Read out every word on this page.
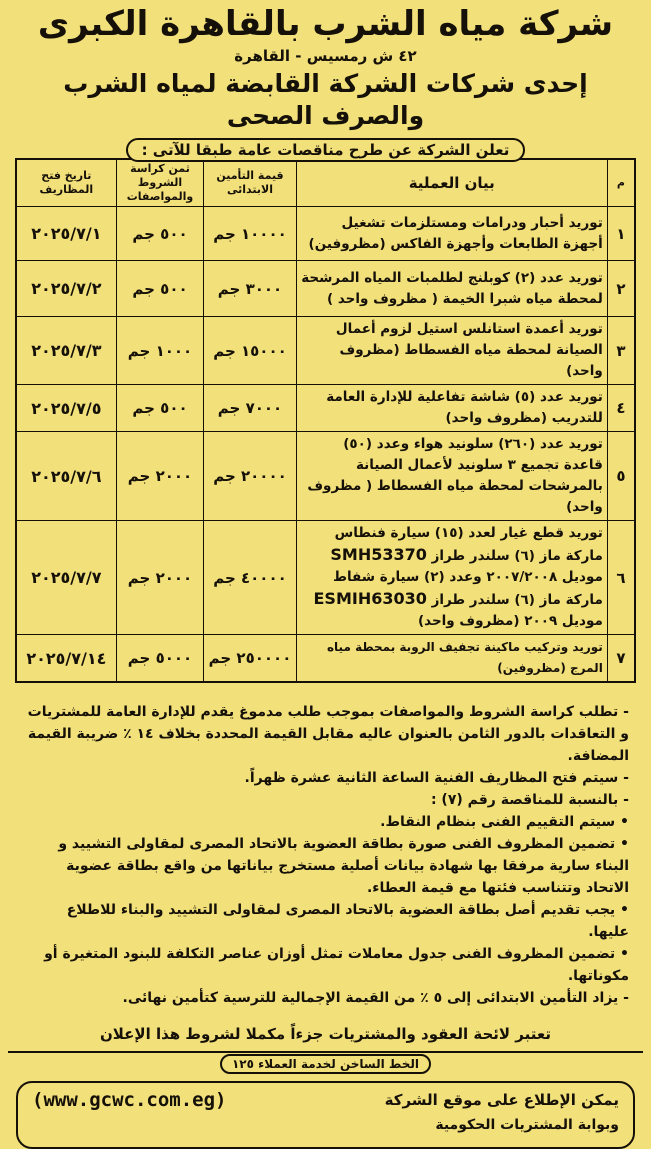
شركة مياه الشرب بالقاهرة الكبرى
٤٢ ش رمسيس - القاهرة
إحدى شركات الشركة القابضة لمياه الشرب والصرف الصحى
تعلن الشركة عن طرح مناقصات عامة طبقا للآتى :
م	بيان العملية	قيمة التأمين الابتدائى	ثمن كراسة الشروط والمواصفات	تاريخ فتح المظاريف
١	توريد أحبار ودرامات ومستلزمات تشغيل أجهزة الطابعات وأجهزة الفاكس (مظروفين)	١٠٠٠٠ جم	٥٠٠ جم	٢٠٢٥/٧/١
٢	توريد عدد (٢) كوبلنج لطلمبات المياه المرشحة لمحطة مياه شبرا الخيمة ( مظروف واحد )	٣٠٠٠ جم	٥٠٠ جم	٢٠٢٥/٧/٢
٣	توريد أعمدة استانلس استيل لزوم أعمال الصيانة لمحطة مياه الفسطاط (مظروف واحد)	١٥٠٠٠ جم	١٠٠٠ جم	٢٠٢٥/٧/٣
٤	توريد عدد (٥) شاشة تفاعلية للإدارة العامة للتدريب (مظروف واحد)	٧٠٠٠ جم	٥٠٠ جم	٢٠٢٥/٧/٥
٥	توريد عدد (٢٦٠) سلونيد هواء وعدد (٥٠) قاعدة تجميع ٣ سلونيد لأعمال الصيانة بالمرشحات لمحطة مياه الفسطاط ( مظروف واحد)	٢٠٠٠٠ جم	٢٠٠٠ جم	٢٠٢٥/٧/٦
٦	توريد قطع غيار لعدد (١٥) سيارة فنطاس ماركة ماز (٦) سلندر طراز SMH53370 موديل ٢٠٠٧/٢٠٠٨ وعدد (٢) سيارة شفاط ماركة ماز (٦) سلندر طراز ESMIH63030 موديل ٢٠٠٩ (مظروف واحد)	٤٠٠٠٠ جم	٢٠٠٠ جم	٢٠٢٥/٧/٧
٧	توريد وتركيب ماكينة تجفيف الروبة بمحطة مياه المرج (مظروفين)	٢٥٠٠٠٠ جم	٥٠٠٠ جم	٢٠٢٥/٧/١٤

- تطلب كراسة الشروط والمواصفات بموجب طلب مدموغ يقدم للإدارة العامة للمشتريات و التعاقدات بالدور الثامن بالعنوان عاليه مقابل القيمة المحددة بخلاف ١٤ ٪ ضريبة القيمة المضافة.

- سيتم فتح المظاريف الفنية الساعة الثانية عشرة ظهراً.

- بالنسبة للمناقصة رقم (٧) :

• سيتم التقييم الفنى بنظام النقاط.

• تضمين المظروف الفنى صورة بطاقة العضوية بالاتحاد المصرى لمقاولى التشييد و البناء سارية مرفقا بها شهادة بيانات أصلية مستخرج بياناتها من واقع بطاقة عضوية الاتحاد وتتناسب فئتها مع قيمة العطاء.

• يجب تقديم أصل بطاقة العضوية بالاتحاد المصرى لمقاولى التشييد والبناء للاطلاع عليها.

• تضمين المظروف الفنى جدول معاملات تمثل أوزان عناصر التكلفة للبنود المتغيرة أو مكوناتها.

- يزاد التأمين الابتدائى إلى ٥ ٪ من القيمة الإجمالية للترسية كتأمين نهائى.

تعتبر لائحة العقود والمشتريات جزءاً مكملا لشروط هذا الإعلان
الخط الساخن لخدمة العملاء ١٢٥
يمكن الإطلاع على موقع الشركة
(www.gcwc.com.eg)
وبوابة المشتريات الحكومية
